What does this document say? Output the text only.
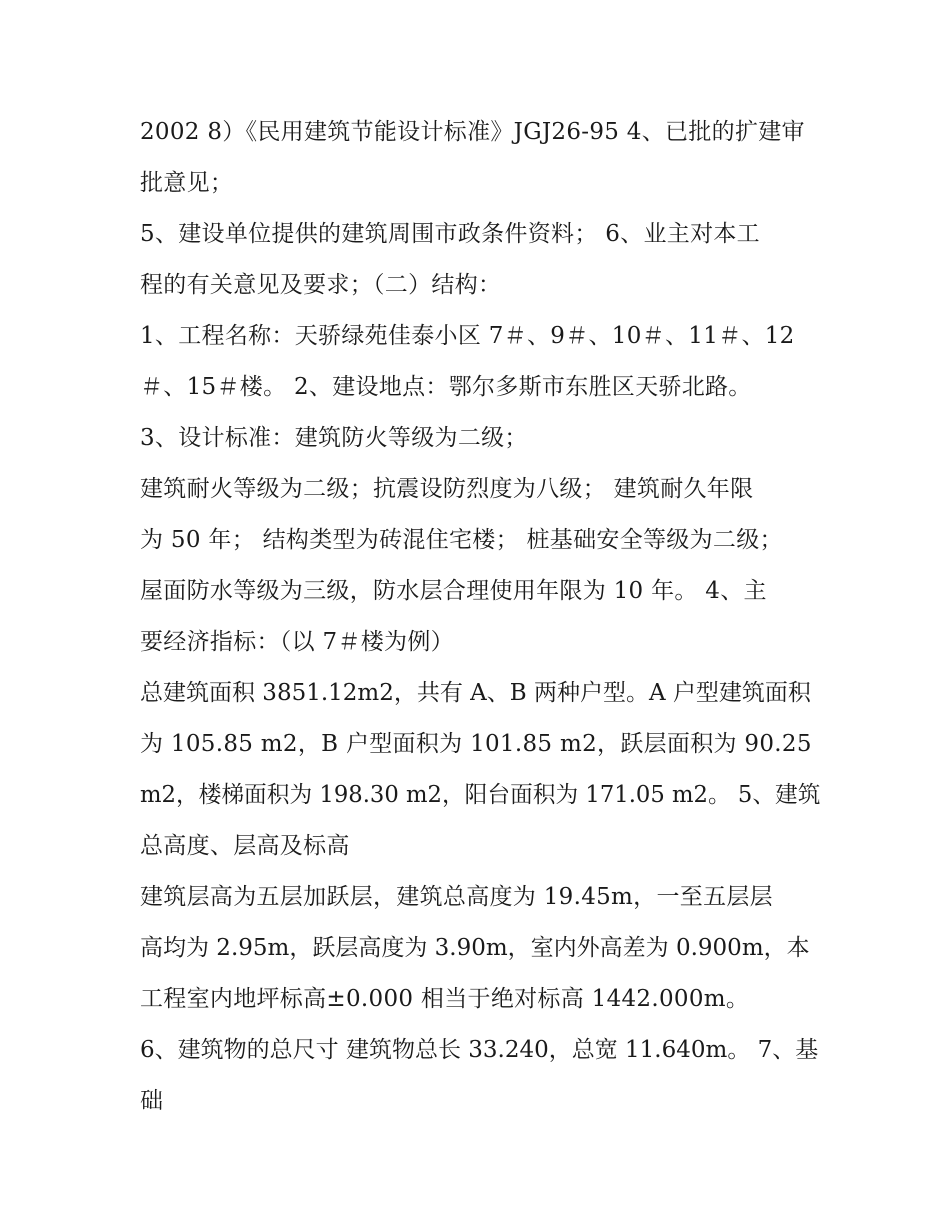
2002 8）《民用建筑节能设计标准》JGJ26-95 4、已批的扩建审
批意见；
5、建设单位提供的建筑周围市政条件资料； 6、业主对本工
程的有关意见及要求；（二）结构：
1、工程名称：天骄绿苑佳泰小区 7＃、9＃、10＃、11＃、12
＃、15＃楼。 2、建设地点：鄂尔多斯市东胜区天骄北路。
3、设计标准：建筑防火等级为二级；
建筑耐火等级为二级；抗震设防烈度为八级； 建筑耐久年限
为 50 年； 结构类型为砖混住宅楼； 桩基础安全等级为二级；
屋面防水等级为三级，防水层合理使用年限为 10 年。 4、主
要经济指标：（以 7＃楼为例）
总建筑面积 3851.12m2，共有 A、B 两种户型。A 户型建筑面积
为 105.85 m2，B 户型面积为 101.85 m2，跃层面积为 90.25
m2，楼梯面积为 198.30 m2，阳台面积为 171.05 m2。 5、建筑
总高度、层高及标高
建筑层高为五层加跃层，建筑总高度为 19.45m，一至五层层
高均为 2.95m，跃层高度为 3.90m，室内外高差为 0.900m，本
工程室内地坪标高±0.000 相当于绝对标高 1442.000m。
6、建筑物的总尺寸 建筑物总长 33.240，总宽 11.640m。 7、基
础
